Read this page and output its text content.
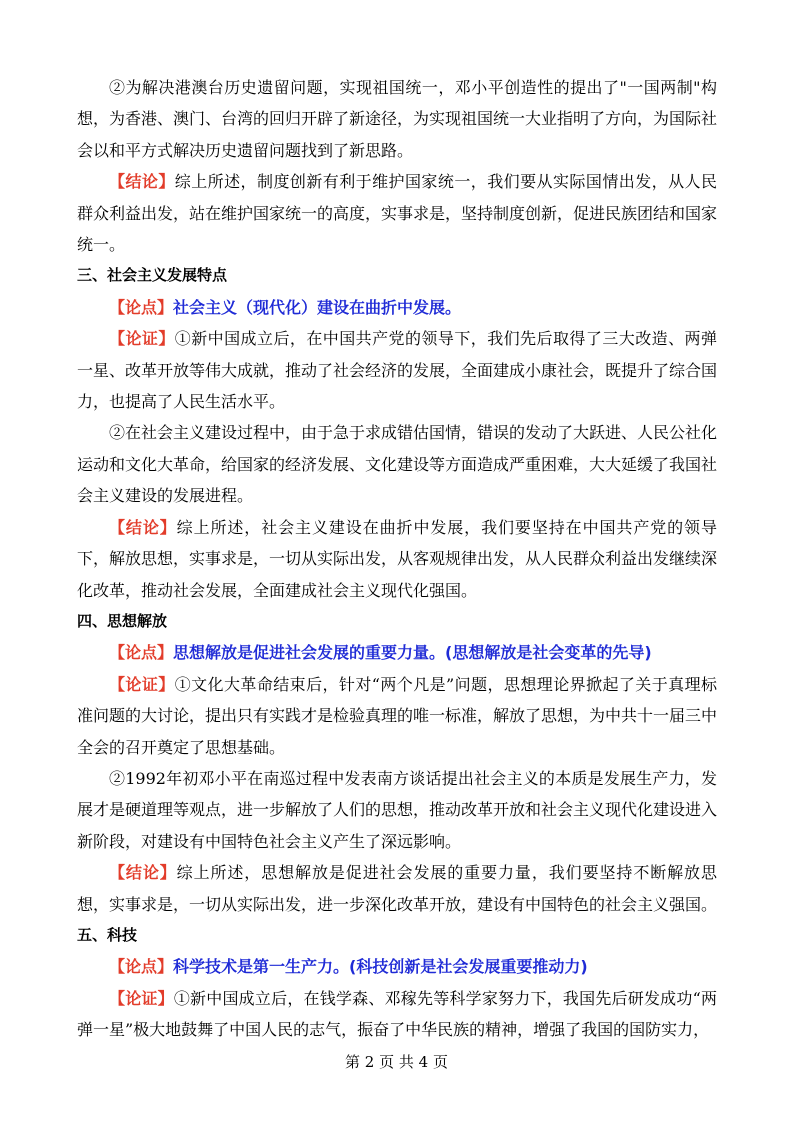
②为解决港澳台历史遗留问题，实现祖国统一，邓小平创造性的提出了"一国两制"构想，为香港、澳门、台湾的回归开辟了新途径，为实现祖国统一大业指明了方向，为国际社会以和平方式解决历史遗留问题找到了新思路。

【结论】综上所述，制度创新有利于维护国家统一，我们要从实际国情出发，从人民群众利益出发，站在维护国家统一的高度，实事求是，坚持制度创新，促进民族团结和国家统一。

三、社会主义发展特点

【论点】社会主义（现代化）建设在曲折中发展。

【论证】①新中国成立后，在中国共产党的领导下，我们先后取得了三大改造、两弹一星、改革开放等伟大成就，推动了社会经济的发展，全面建成小康社会，既提升了综合国力，也提高了人民生活水平。

②在社会主义建设过程中，由于急于求成错估国情，错误的发动了大跃进、人民公社化运动和文化大革命，给国家的经济发展、文化建设等方面造成严重困难，大大延缓了我国社会主义建设的发展进程。

【结论】综上所述，社会主义建设在曲折中发展，我们要坚持在中国共产党的领导下，解放思想，实事求是，一切从实际出发，从客观规律出发，从人民群众利益出发继续深化改革，推动社会发展，全面建成社会主义现代化强国。

四、思想解放

【论点】思想解放是促进社会发展的重要力量。(思想解放是社会变革的先导)

【论证】①文化大革命结束后，针对“两个凡是”问题，思想理论界掀起了关于真理标准问题的大讨论，提出只有实践才是检验真理的唯一标准，解放了思想，为中共十一届三中全会的召开奠定了思想基础。

②1992年初邓小平在南巡过程中发表南方谈话提出社会主义的本质是发展生产力，发展才是硬道理等观点，进一步解放了人们的思想，推动改革开放和社会主义现代化建设进入新阶段，对建设有中国特色社会主义产生了深远影响。

【结论】综上所述，思想解放是促进社会发展的重要力量，我们要坚持不断解放思想，实事求是，一切从实际出发，进一步深化改革开放，建设有中国特色的社会主义强国。

五、科技

【论点】科学技术是第一生产力。(科技创新是社会发展重要推动力)

【论证】①新中国成立后，在钱学森、邓稼先等科学家努力下，我国先后研发成功“两弹一星”极大地鼓舞了中国人民的志气，振奋了中华民族的精神，增强了我国的国防实力，

第 2 页 共 4 页
